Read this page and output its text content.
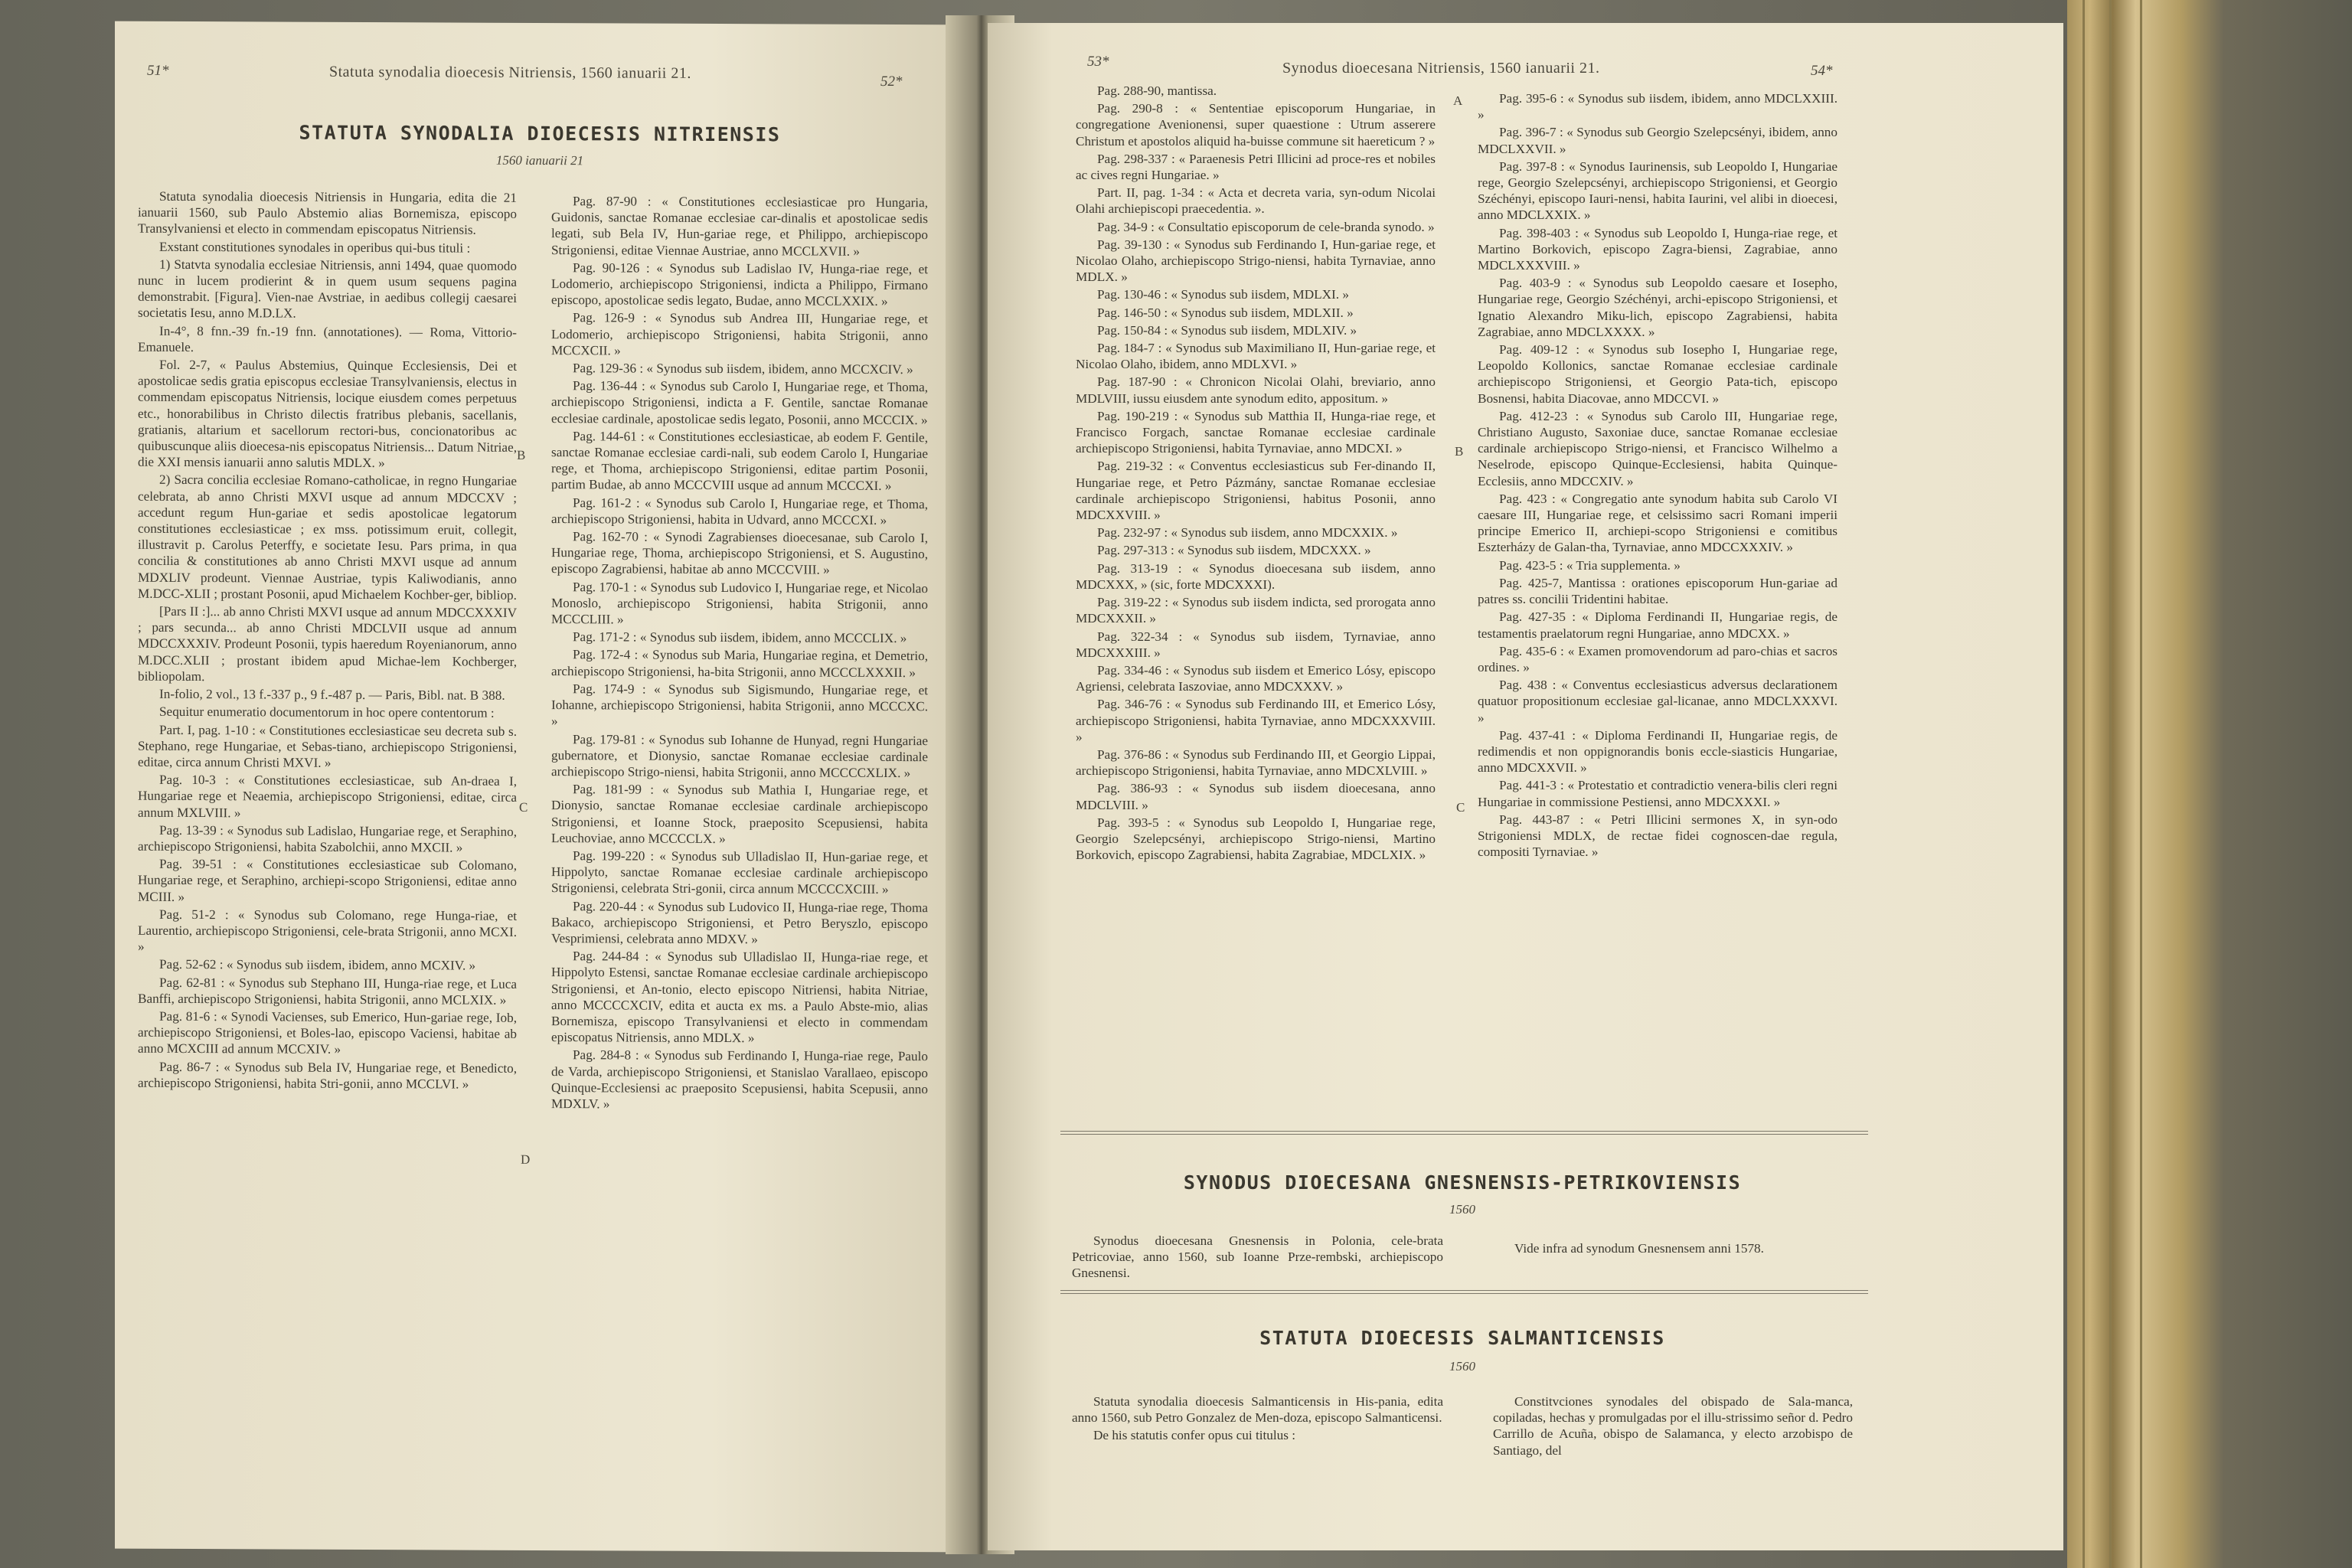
51*	Statuta synodalia dioecesis Nitriensis, 1560 ianuarii 21.	52*
STATUTA SYNODALIA DIOECESIS NITRIENSIS
1560 ianuarii 21

Statuta synodalia dioecesis Nitriensis in Hungaria, edita die 21 ianuarii 1560, sub Paulo Abstemio alias Bornemisza, episcopo Transylvaniensi et electo in commendam episcopatus Nitriensis.

Exstant constitutiones synodales in operibus qui-bus tituli :

1) Statvta synodalia ecclesiae Nitriensis, anni 1494, quae quomodo nunc in lucem prodierint & in quem usum sequens pagina demonstrabit. [Figura]. Vien-nae Avstriae, in aedibus collegij caesarei societatis Iesu, anno M.D.LX.

In-4°, 8 fnn.-39 fn.-19 fnn. (annotationes). — Roma, Vittorio-Emanuele.

Fol. 2-7, « Paulus Abstemius, Quinque Ecclesiensis, Dei et apostolicae sedis gratia episcopus ecclesiae Transylvaniensis, electus in commendam episcopatus Nitriensis, locique eiusdem comes perpetuus etc., honorabilibus in Christo dilectis fratribus plebanis, sacellanis, gratianis, altarium et sacellorum rectori-bus, concionatoribus ac quibuscunque aliis dioecesa-nis episcopatus Nitriensis... Datum Nitriae, die XXI mensis ianuarii anno salutis MDLX. »

2) Sacra concilia ecclesiae Romano-catholicae, in regno Hungariae celebrata, ab anno Christi MXVI usque ad annum MDCCXV ; accedunt regum Hun-gariae et sedis apostolicae legatorum constitutiones ecclesiasticae ; ex mss. potissimum eruit, collegit, illustravit p. Carolus Peterffy, e societate Iesu. Pars prima, in qua concilia & constitutiones ab anno Christi MXVI usque ad annum MDXLIV prodeunt. Viennae Austriae, typis Kaliwodianis, anno M.DCC-XLII ; prostant Posonii, apud Michaelem Kochber-ger, bibliop.

[Pars II :]... ab anno Christi MXVI usque ad annum MDCCXXXIV ; pars secunda... ab anno Christi MDCLVII usque ad annum MDCCXXXIV. Prodeunt Posonii, typis haeredum Royenianorum, anno M.DCC.XLII ; prostant ibidem apud Michae-lem Kochberger, bibliopolam.

In-folio, 2 vol., 13 f.-337 p., 9 f.-487 p. — Paris, Bibl. nat. B 388.

Sequitur enumeratio documentorum in hoc opere contentorum :

Part. I, pag. 1-10 : « Constitutiones ecclesiasticae seu decreta sub s. Stephano, rege Hungariae, et Sebas-tiano, archiepiscopo Strigoniensi, editae, circa annum Christi MXVI. »

Pag. 10-3 : « Constitutiones ecclesiasticae, sub An-draea I, Hungariae rege et Neaemia, archiepiscopo Strigoniensi, editae, circa annum MXLVIII. »

Pag. 13-39 : « Synodus sub Ladislao, Hungariae rege, et Seraphino, archiepiscopo Strigoniensi, habita Szabolchii, anno MXCII. »

Pag. 39-51 : « Constitutiones ecclesiasticae sub Colomano, Hungariae rege, et Seraphino, archiepi-scopo Strigoniensi, editae anno MCIII. »

Pag. 51-2 : « Synodus sub Colomano, rege Hunga-riae, et Laurentio, archiepiscopo Strigoniensi, cele-brata Strigonii, anno MCXI. »

Pag. 52-62 : « Synodus sub iisdem, ibidem, anno MCXIV. »

Pag. 62-81 : « Synodus sub Stephano III, Hunga-riae rege, et Luca Banffi, archiepiscopo Strigoniensi, habita Strigonii, anno MCLXIX. »

Pag. 81-6 : « Synodi Vacienses, sub Emerico, Hun-gariae rege, Iob, archiepiscopo Strigoniensi, et Boles-lao, episcopo Vaciensi, habitae ab anno MCXCIII ad annum MCCXIV. »

Pag. 86-7 : « Synodus sub Bela IV, Hungariae rege, et Benedicto, archiepiscopo Strigoniensi, habita Stri-gonii, anno MCCLVI. »

Pag. 87-90 : « Constitutiones ecclesiasticae pro Hungaria, Guidonis, sanctae Romanae ecclesiae car-dinalis et apostolicae sedis legati, sub Bela IV, Hun-gariae rege, et Philippo, archiepiscopo Strigoniensi, editae Viennae Austriae, anno MCCLXVII. »

Pag. 90-126 : « Synodus sub Ladislao IV, Hunga-riae rege, et Lodomerio, archiepiscopo Strigoniensi, indicta a Philippo, Firmano episcopo, apostolicae sedis legato, Budae, anno MCCLXXIX. »

Pag. 126-9 : « Synodus sub Andrea III, Hungariae rege, et Lodomerio, archiepiscopo Strigoniensi, habita Strigonii, anno MCCXCII. »

Pag. 129-36 : « Synodus sub iisdem, ibidem, anno MCCXCIV. »

Pag. 136-44 : « Synodus sub Carolo I, Hungariae rege, et Thoma, archiepiscopo Strigoniensi, indicta a F. Gentile, sanctae Romanae ecclesiae cardinale, apostolicae sedis legato, Posonii, anno MCCCIX. »

Pag. 144-61 : « Constitutiones ecclesiasticae, ab eodem F. Gentile, sanctae Romanae ecclesiae cardi-nali, sub eodem Carolo I, Hungariae rege, et Thoma, archiepiscopo Strigoniensi, editae partim Posonii, partim Budae, ab anno MCCCVIII usque ad annum MCCCXI. »

Pag. 161-2 : « Synodus sub Carolo I, Hungariae rege, et Thoma, archiepiscopo Strigoniensi, habita in Udvard, anno MCCCXI. »

Pag. 162-70 : « Synodi Zagrabienses dioecesanae, sub Carolo I, Hungariae rege, Thoma, archiepiscopo Strigoniensi, et S. Augustino, episcopo Zagrabiensi, habitae ab anno MCCCVIII. »

Pag. 170-1 : « Synodus sub Ludovico I, Hungariae rege, et Nicolao Monoslo, archiepiscopo Strigoniensi, habita Strigonii, anno MCCCLIII. »

Pag. 171-2 : « Synodus sub iisdem, ibidem, anno MCCCLIX. »

Pag. 172-4 : « Synodus sub Maria, Hungariae regina, et Demetrio, archiepiscopo Strigoniensi, ha-bita Strigonii, anno MCCCLXXXII. »

Pag. 174-9 : « Synodus sub Sigismundo, Hungariae rege, et Iohanne, archiepiscopo Strigoniensi, habita Strigonii, anno MCCCXC. »

Pag. 179-81 : « Synodus sub Iohanne de Hunyad, regni Hungariae gubernatore, et Dionysio, sanctae Romanae ecclesiae cardinale archiepiscopo Strigo-niensi, habita Strigonii, anno MCCCCXLIX. »

Pag. 181-99 : « Synodus sub Mathia I, Hungariae rege, et Dionysio, sanctae Romanae ecclesiae cardinale archiepiscopo Strigoniensi, et Ioanne Stock, praeposito Scepusiensi, habita Leuchoviae, anno MCCCCLX. »

Pag. 199-220 : « Synodus sub Ulladislao II, Hun-gariae rege, et Hippolyto, sanctae Romanae ecclesiae cardinale archiepiscopo Strigoniensi, celebrata Stri-gonii, circa annum MCCCCXCIII. »

Pag. 220-44 : « Synodus sub Ludovico II, Hunga-riae rege, Thoma Bakaco, archiepiscopo Strigoniensi, et Petro Beryszlo, episcopo Vesprimiensi, celebrata anno MDXV. »

Pag. 244-84 : « Synodus sub Ulladislao II, Hunga-riae rege, et Hippolyto Estensi, sanctae Romanae ecclesiae cardinale archiepiscopo Strigoniensi, et An-tonio, electo episcopo Nitriensi, habita Nitriae, anno MCCCCXCIV, edita et aucta ex ms. a Paulo Abste-mio, alias Bornemisza, episcopo Transylvaniensi et electo in commendam episcopatus Nitriensis, anno MDLX. »

Pag. 284-8 : « Synodus sub Ferdinando I, Hunga-riae rege, Paulo de Varda, archiepiscopo Strigoniensi, et Stanislao Varallaeo, episcopo Quinque-Ecclesiensi ac praeposito Scepusiensi, habita Scepusii, anno MDXLV. »

B
C
D
53*	Synodus dioecesana Nitriensis, 1560 ianuarii 21.	54*

Pag. 288-90, mantissa.

Pag. 290-8 : « Sententiae episcoporum Hungariae, in congregatione Avenionensi, super quaestione : Utrum asserere Christum et apostolos aliquid ha-buisse commune sit haereticum ? »

Pag. 298-337 : « Paraenesis Petri Illicini ad proce-res et nobiles ac cives regni Hungariae. »

Part. II, pag. 1-34 : « Acta et decreta varia, syn-odum Nicolai Olahi archiepiscopi praecedentia. ».

Pag. 34-9 : « Consultatio episcoporum de cele-branda synodo. »

Pag. 39-130 : « Synodus sub Ferdinando I, Hun-gariae rege, et Nicolao Olaho, archiepiscopo Strigo-niensi, habita Tyrnaviae, anno MDLX. »

Pag. 130-46 : « Synodus sub iisdem, MDLXI. »

Pag. 146-50 : « Synodus sub iisdem, MDLXII. »

Pag. 150-84 : « Synodus sub iisdem, MDLXIV. »

Pag. 184-7 : « Synodus sub Maximiliano II, Hun-gariae rege, et Nicolao Olaho, ibidem, anno MDLXVI. »

Pag. 187-90 : « Chronicon Nicolai Olahi, breviario, anno MDLVIII, iussu eiusdem ante synodum edito, appositum. »

Pag. 190-219 : « Synodus sub Matthia II, Hunga-riae rege, et Francisco Forgach, sanctae Romanae ecclesiae cardinale archiepiscopo Strigoniensi, habita Tyrnaviae, anno MDCXI. »

Pag. 219-32 : « Conventus ecclesiasticus sub Fer-dinando II, Hungariae rege, et Petro Pázmány, sanctae Romanae ecclesiae cardinale archiepiscopo Strigoniensi, habitus Posonii, anno MDCXXVIII. »

Pag. 232-97 : « Synodus sub iisdem, anno MDCXXIX. »

Pag. 297-313 : « Synodus sub iisdem, MDCXXX. »

Pag. 313-19 : « Synodus dioecesana sub iisdem, anno MDCXXX, » (sic, forte MDCXXXI).

Pag. 319-22 : « Synodus sub iisdem indicta, sed prorogata anno MDCXXXII. »

Pag. 322-34 : « Synodus sub iisdem, Tyrnaviae, anno MDCXXXIII. »

Pag. 334-46 : « Synodus sub iisdem et Emerico Lósy, episcopo Agriensi, celebrata Iaszoviae, anno MDCXXXV. »

Pag. 346-76 : « Synodus sub Ferdinando III, et Emerico Lósy, archiepiscopo Strigoniensi, habita Tyrnaviae, anno MDCXXXVIII. »

Pag. 376-86 : « Synodus sub Ferdinando III, et Georgio Lippai, archiepiscopo Strigoniensi, habita Tyrnaviae, anno MDCXLVIII. »

Pag. 386-93 : « Synodus sub iisdem dioecesana, anno MDCLVIII. »

Pag. 393-5 : « Synodus sub Leopoldo I, Hungariae rege, Georgio Szelepcsényi, archiepiscopo Strigo-niensi, Martino Borkovich, episcopo Zagrabiensi, habita Zagrabiae, MDCLXIX. »

Pag. 395-6 : « Synodus sub iisdem, ibidem, anno MDCLXXIII. »

Pag. 396-7 : « Synodus sub Georgio Szelepcsényi, ibidem, anno MDCLXXVII. »

Pag. 397-8 : « Synodus Iaurinensis, sub Leopoldo I, Hungariae rege, Georgio Szelepcsényi, archiepiscopo Strigoniensi, et Georgio Széchényi, episcopo Iauri-nensi, habita Iaurini, vel alibi in dioecesi, anno MDCLXXIX. »

Pag. 398-403 : « Synodus sub Leopoldo I, Hunga-riae rege, et Martino Borkovich, episcopo Zagra-biensi, Zagrabiae, anno MDCLXXXVIII. »

Pag. 403-9 : « Synodus sub Leopoldo caesare et Iosepho, Hungariae rege, Georgio Széchényi, archi-episcopo Strigoniensi, et Ignatio Alexandro Miku-lich, episcopo Zagrabiensi, habita Zagrabiae, anno MDCLXXXX. »

Pag. 409-12 : « Synodus sub Iosepho I, Hungariae rege, Leopoldo Kollonics, sanctae Romanae ecclesiae cardinale archiepiscopo Strigoniensi, et Georgio Pata-tich, episcopo Bosnensi, habita Diacovae, anno MDCCVI. »

Pag. 412-23 : « Synodus sub Carolo III, Hungariae rege, Christiano Augusto, Saxoniae duce, sanctae Romanae ecclesiae cardinale archiepiscopo Strigo-niensi, et Francisco Wilhelmo a Neselrode, episcopo Quinque-Ecclesiensi, habita Quinque-Ecclesiis, anno MDCCXIV. »

Pag. 423 : « Congregatio ante synodum habita sub Carolo VI caesare III, Hungariae rege, et celsissimo sacri Romani imperii principe Emerico II, archiepi-scopo Strigoniensi e comitibus Eszterházy de Galan-tha, Tyrnaviae, anno MDCCXXXIV. »

Pag. 423-5 : « Tria supplementa. »

Pag. 425-7, Mantissa : orationes episcoporum Hun-gariae ad patres ss. concilii Tridentini habitae.

Pag. 427-35 : « Diploma Ferdinandi II, Hungariae regis, de testamentis praelatorum regni Hungariae, anno MDCXX. »

Pag. 435-6 : « Examen promovendorum ad paro-chias et sacros ordines. »

Pag. 438 : « Conventus ecclesiasticus adversus declarationem quatuor propositionum ecclesiae gal-licanae, anno MDCLXXXVI. »

Pag. 437-41 : « Diploma Ferdinandi II, Hungariae regis, de redimendis et non oppignorandis bonis eccle-siasticis Hungariae, anno MDCXXVII. »

Pag. 441-3 : « Protestatio et contradictio venera-bilis cleri regni Hungariae in commissione Pestiensi, anno MDCXXXI. »

Pag. 443-87 : « Petri Illicini sermones X, in syn-odo Strigoniensi MDLX, de rectae fidei cognoscen-dae regula, compositi Tyrnaviae. »

A
B
C
SYNODUS DIOECESANA GNESNENSIS-PETRIKOVIENSIS
1560

Synodus dioecesana Gnesnensis in Polonia, cele-brata Petricoviae, anno 1560, sub Ioanne Prze-rembski, archiepiscopo Gnesnensi.

Vide infra ad synodum Gnesnensem anni 1578.

STATUTA DIOECESIS SALMANTICENSIS
1560

Statuta synodalia dioecesis Salmanticensis in His-pania, edita anno 1560, sub Petro Gonzalez de Men-doza, episcopo Salmanticensi.

De his statutis confer opus cui titulus :

Constitvciones synodales del obispado de Sala-manca, copiladas, hechas y promulgadas por el illu-strissimo señor d. Pedro Carrillo de Acuña, obispo de Salamanca, y electo arzobispo de Santiago, del
